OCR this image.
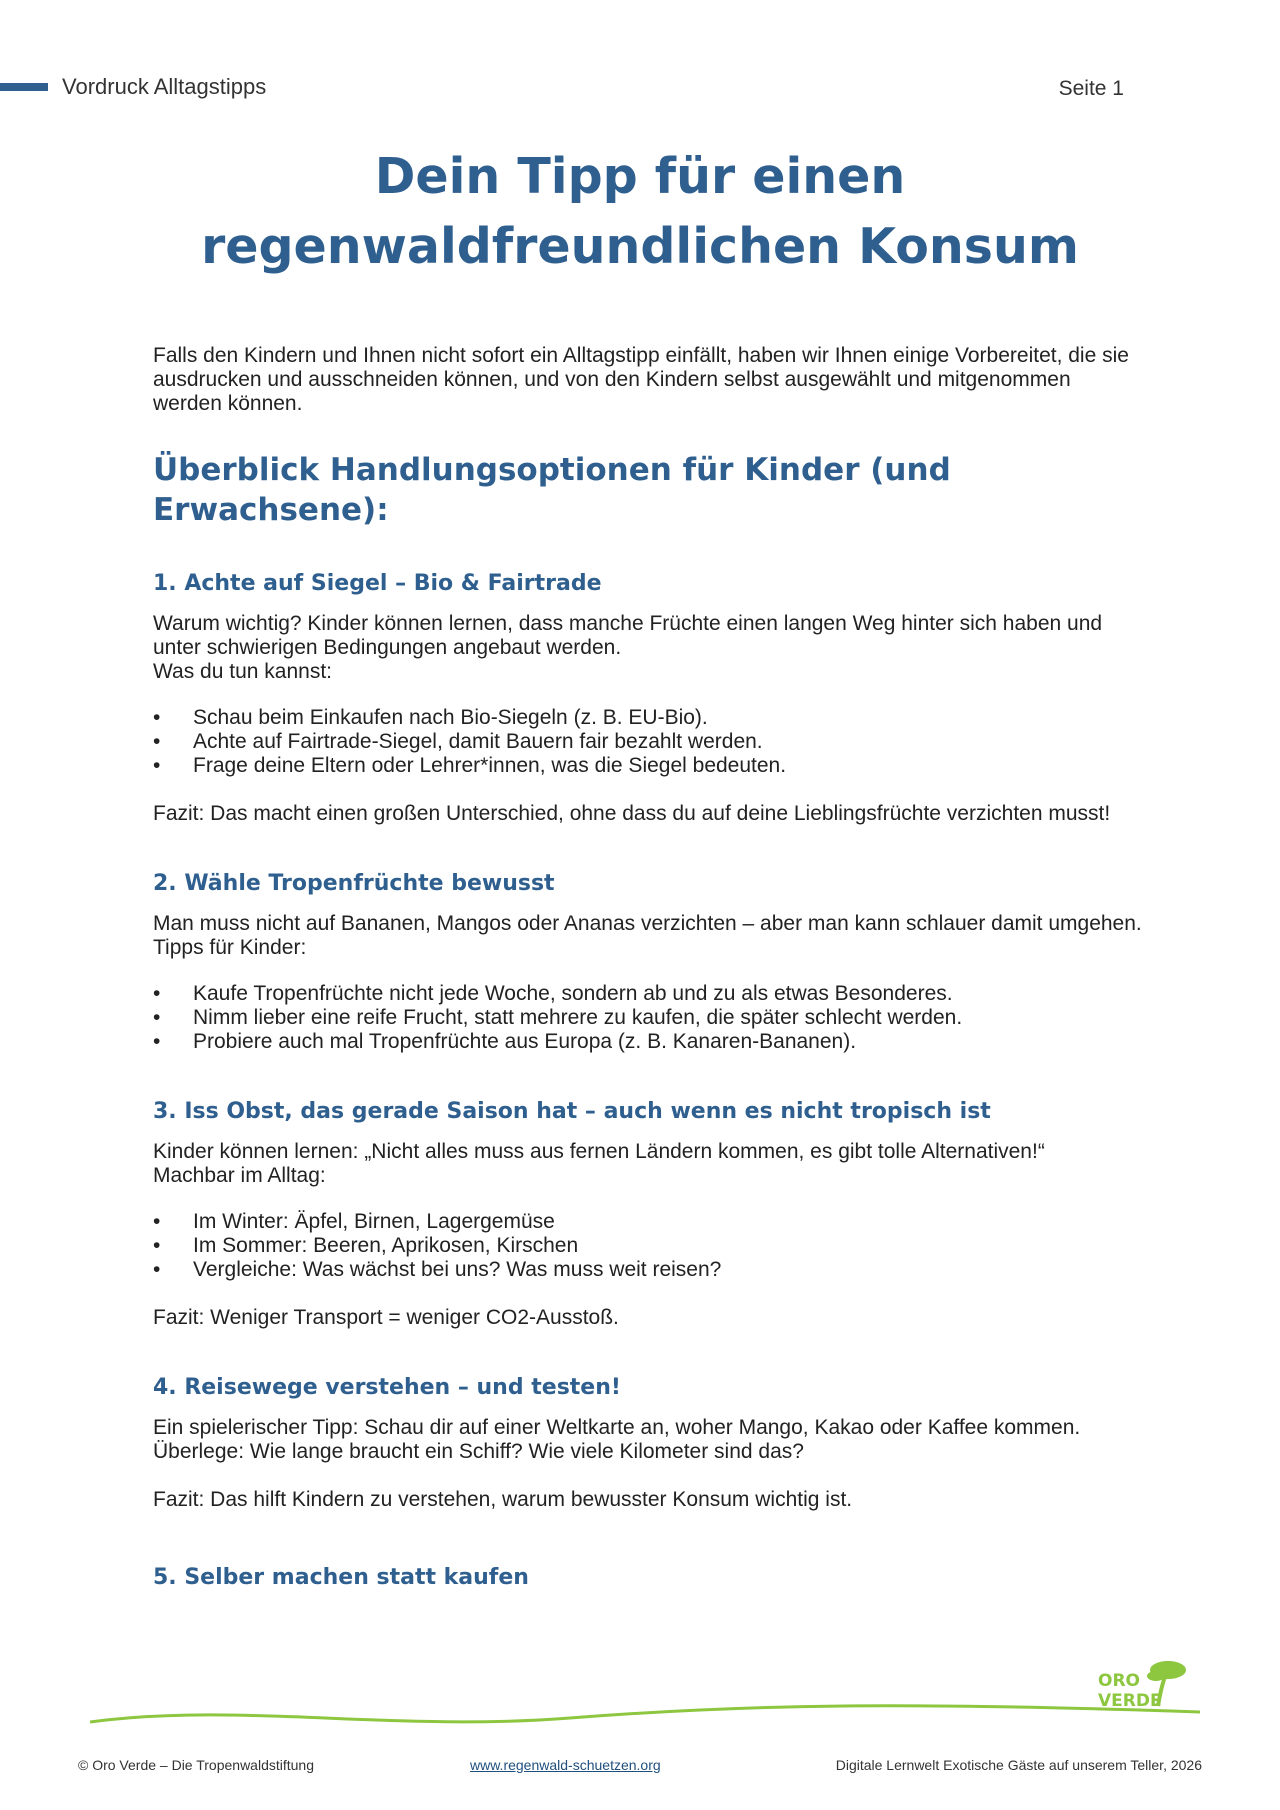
Vordruck Alltagstipps	Seite 1
Dein Tipp für einen
regenwaldfreundlichen Konsum

Falls den Kindern und Ihnen nicht sofort ein Alltagstipp einfällt, haben wir Ihnen einige Vorbereitet, die sie ausdrucken und ausschneiden können, und von den Kindern selbst ausgewählt und mitgenommen werden können.

Überblick Handlungsoptionen für Kinder (und Erwachsene):
1. Achte auf Siegel – Bio & Fairtrade

Warum wichtig? Kinder können lernen, dass manche Früchte einen langen Weg hinter sich haben und unter schwierigen Bedingungen angebaut werden.

Was du tun kannst:

• Schau beim Einkaufen nach Bio-Siegeln (z. B. EU-Bio).
• Achte auf Fairtrade-Siegel, damit Bauern fair bezahlt werden.
• Frage deine Eltern oder Lehrer*innen, was die Siegel bedeuten.

Fazit: Das macht einen großen Unterschied, ohne dass du auf deine Lieblingsfrüchte verzichten musst!

2. Wähle Tropenfrüchte bewusst

Man muss nicht auf Bananen, Mangos oder Ananas verzichten – aber man kann schlauer damit umgehen. Tipps für Kinder:

• Kaufe Tropenfrüchte nicht jede Woche, sondern ab und zu als etwas Besonderes.
• Nimm lieber eine reife Frucht, statt mehrere zu kaufen, die später schlecht werden.
• Probiere auch mal Tropenfrüchte aus Europa (z. B. Kanaren-Bananen).
3. Iss Obst, das gerade Saison hat – auch wenn es nicht tropisch ist

Kinder können lernen: „Nicht alles muss aus fernen Ländern kommen, es gibt tolle Alternativen!“

Machbar im Alltag:

• Im Winter: Äpfel, Birnen, Lagergemüse
• Im Sommer: Beeren, Aprikosen, Kirschen
• Vergleiche: Was wächst bei uns? Was muss weit reisen?

Fazit: Weniger Transport = weniger CO2-Ausstoß.

4. Reisewege verstehen – und testen!

Ein spielerischer Tipp: Schau dir auf einer Weltkarte an, woher Mango, Kakao oder Kaffee kommen.

Überlege: Wie lange braucht ein Schiff? Wie viele Kilometer sind das?

Fazit: Das hilft Kindern zu verstehen, warum bewusster Konsum wichtig ist.

5. Selber machen statt kaufen
ORO
VERDE
© Oro Verde – Die Tropenwaldstiftung	www.regenwald-schuetzen.org	Digitale Lernwelt Exotische Gäste auf unserem Teller, 2026
